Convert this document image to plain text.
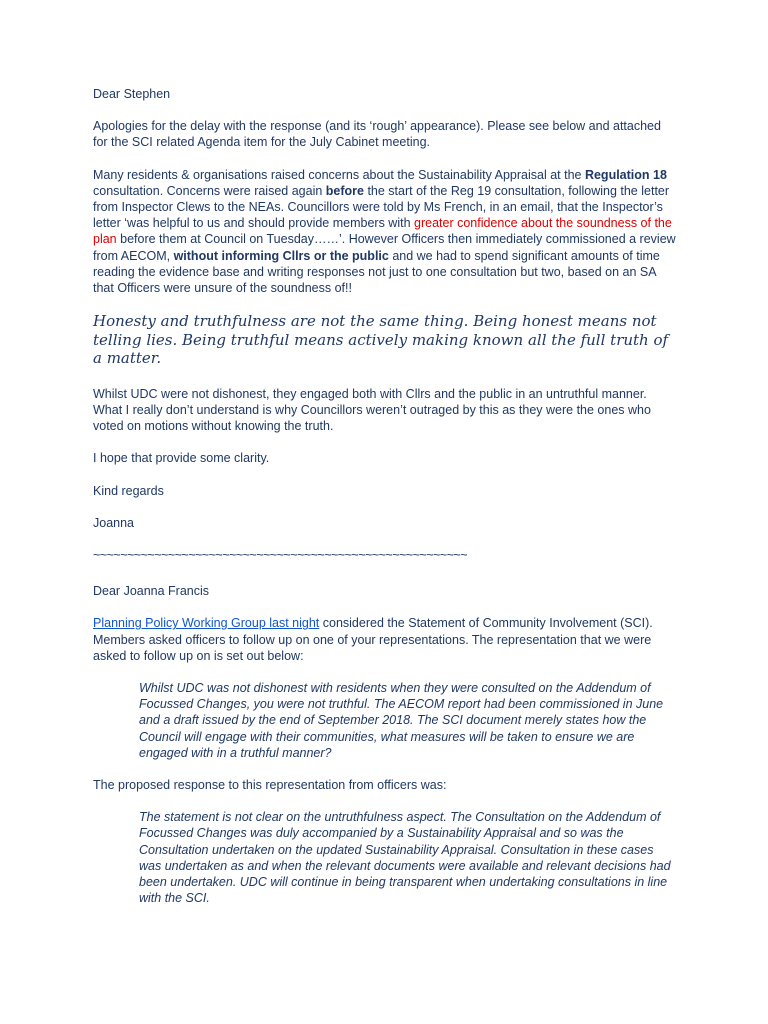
Dear Stephen

Apologies for the delay with the response (and its ‘rough’ appearance). Please see below and attached for the SCI related Agenda item for the July Cabinet meeting.

Many residents & organisations raised concerns about the Sustainability Appraisal at the Regulation 18 consultation. Concerns were raised again before the start of the Reg 19 consultation, following the letter from Inspector Clews to the NEAs. Councillors were told by Ms French, in an email, that the Inspector’s letter ‘was helpful to us and should provide members with greater confidence about the soundness of the plan before them at Council on Tuesday……’. However Officers then immediately commissioned a review from AECOM, without informing Cllrs or the public and we had to spend significant amounts of time reading the evidence base and writing responses not just to one consultation but two, based on an SA that Officers were unsure of the soundness of!!

Honesty and truthfulness are not the same thing. Being honest means not telling lies. Being truthful means actively making known all the full truth of a matter.

Whilst UDC were not dishonest, they engaged both with Cllrs and the public in an untruthful manner. What I really don’t understand is why Councillors weren’t outraged by this as they were the ones who voted on motions without knowing the truth.

I hope that provide some clarity.

Kind regards

Joanna

~~~~~~~~~~~~~~~~~~~~~~~~~~~~~~~~~~~~~~~~~~~~~~~~~~~~~~~

Dear Joanna Francis

Planning Policy Working Group last night considered the Statement of Community Involvement (SCI). Members asked officers to follow up on one of your representations. The representation that we were asked to follow up on is set out below:

Whilst UDC was not dishonest with residents when they were consulted on the Addendum of Focussed Changes, you were not truthful. The AECOM report had been commissioned in June and a draft issued by the end of September 2018. The SCI document merely states how the Council will engage with their communities, what measures will be taken to ensure we are engaged with in a truthful manner?

The proposed response to this representation from officers was:

The statement is not clear on the untruthfulness aspect. The Consultation on the Addendum of Focussed Changes was duly accompanied by a Sustainability Appraisal and so was the Consultation undertaken on the updated Sustainability Appraisal. Consultation in these cases was undertaken as and when the relevant documents were available and relevant decisions had been undertaken. UDC will continue in being transparent when undertaking consultations in line with the SCI.
